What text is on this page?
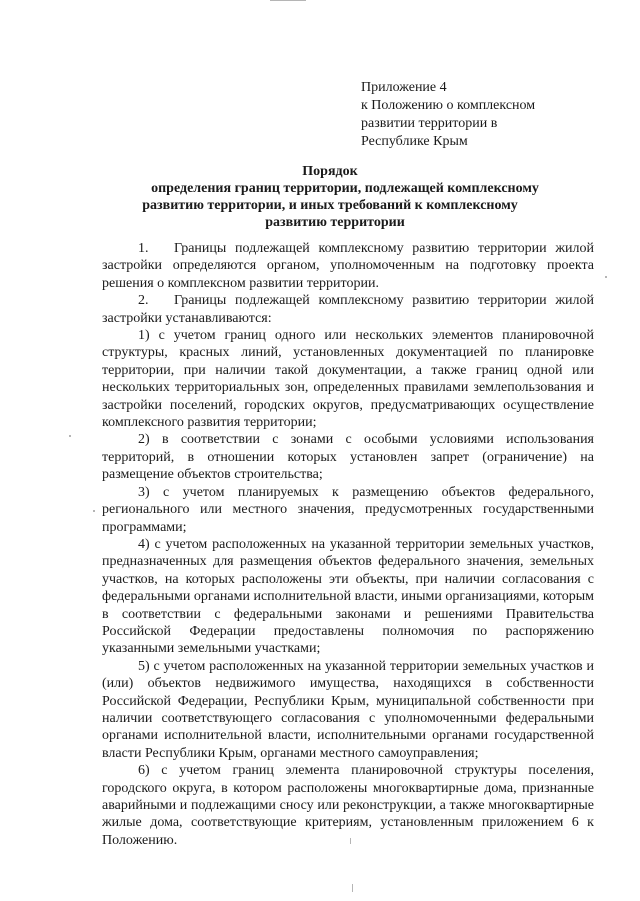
Приложение 4
к Положению о комплексном
развитии территории в
Республике Крым
Порядок
определения границ территории, подлежащей комплексному
развитию территории, и иных требований к комплексному
развитию территории

1. Границы подлежащей комплексному развитию территории жилой застройки определяются органом, уполномоченным на подготовку проекта решения о комплексном развитии территории.

2. Границы подлежащей комплексному развитию территории жилой застройки устанавливаются:

1) с учетом границ одного или нескольких элементов планировочной структуры, красных линий, установленных документацией по планировке территории, при наличии такой документации, а также границ одной или нескольких территориальных зон, определенных правилами землепользования и застройки поселений, городских округов, предусматривающих осуществление комплексного развития территории;

2) в соответствии с зонами с особыми условиями использования территорий, в отношении которых установлен запрет (ограничение) на размещение объектов строительства;

3) с учетом планируемых к размещению объектов федерального, регионального или местного значения, предусмотренных государственными программами;

4) с учетом расположенных на указанной территории земельных участков, предназначенных для размещения объектов федерального значения, земельных участков, на которых расположены эти объекты, при наличии согласования с федеральными органами исполнительной власти, иными организациями, которым в соответствии с федеральными законами и решениями Правительства Российской Федерации предоставлены полномочия по распоряжению указанными земельными участками;

5) с учетом расположенных на указанной территории земельных участков и (или) объектов недвижимого имущества, находящихся в собственности Российской Федерации, Республики Крым, муниципальной собственности при наличии соответствующего согласования с уполномоченными федеральными органами исполнительной власти, исполнительными органами государственной власти Республики Крым, органами местного самоуправления;

6) с учетом границ элемента планировочной структуры поселения, городского округа, в котором расположены многоквартирные дома, признанные аварийными и подлежащими сносу или реконструкции, а также многоквартирные жилые дома, соответствующие критериям, установленным приложением 6 к Положению.
